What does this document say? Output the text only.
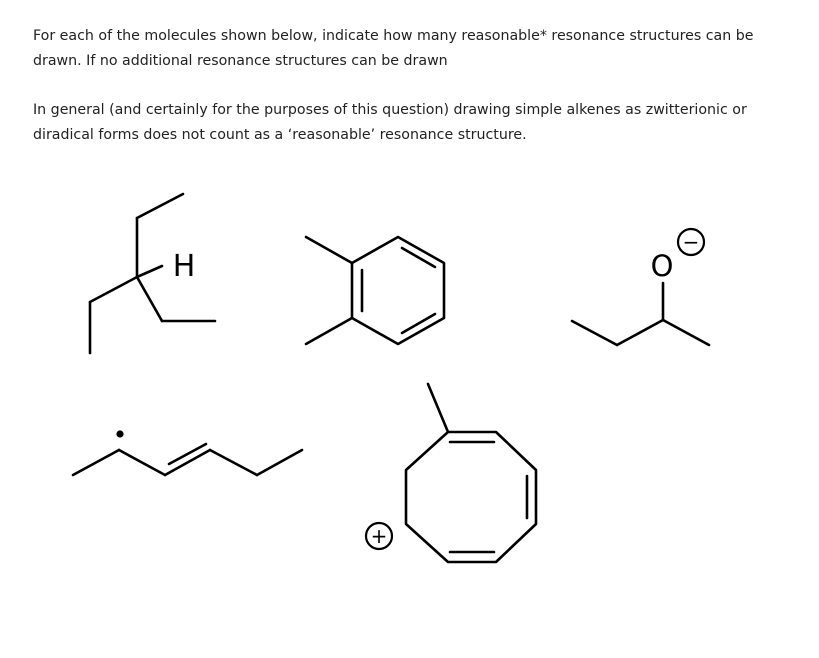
For each of the molecules shown below, indicate how many reasonable* resonance structures can be drawn. If no additional resonance structures can be drawn

In general (and certainly for the purposes of this question) drawing simple alkenes as zwitterionic or diradical forms does not count as a ‘reasonable’ resonance structure.

H	O
−
+
